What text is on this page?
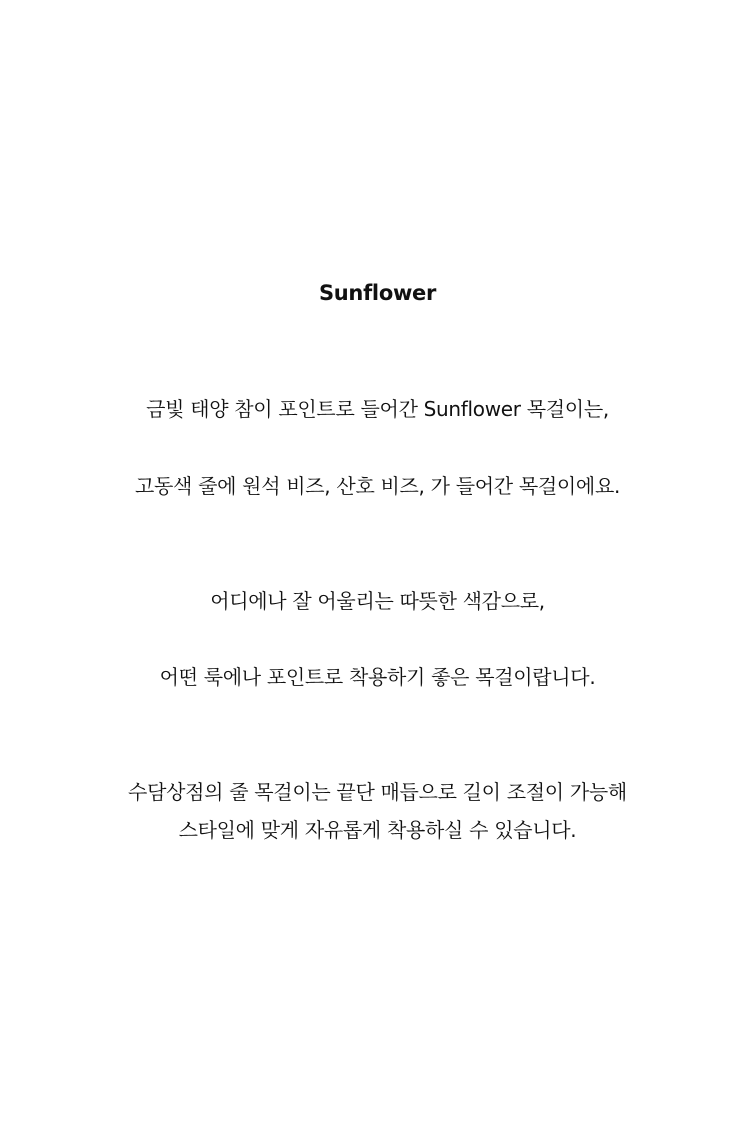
Sunflower
금빛 태양 참이 포인트로 들어간 Sunflower 목걸이는,
고동색 줄에 원석 비즈, 산호 비즈, 가 들어간 목걸이에요.
어디에나 잘 어울리는 따뜻한 색감으로,
어떤 룩에나 포인트로 착용하기 좋은 목걸이랍니다.
수담상점의 줄 목걸이는 끝단 매듭으로 길이 조절이 가능해
스타일에 맞게 자유롭게 착용하실 수 있습니다.
